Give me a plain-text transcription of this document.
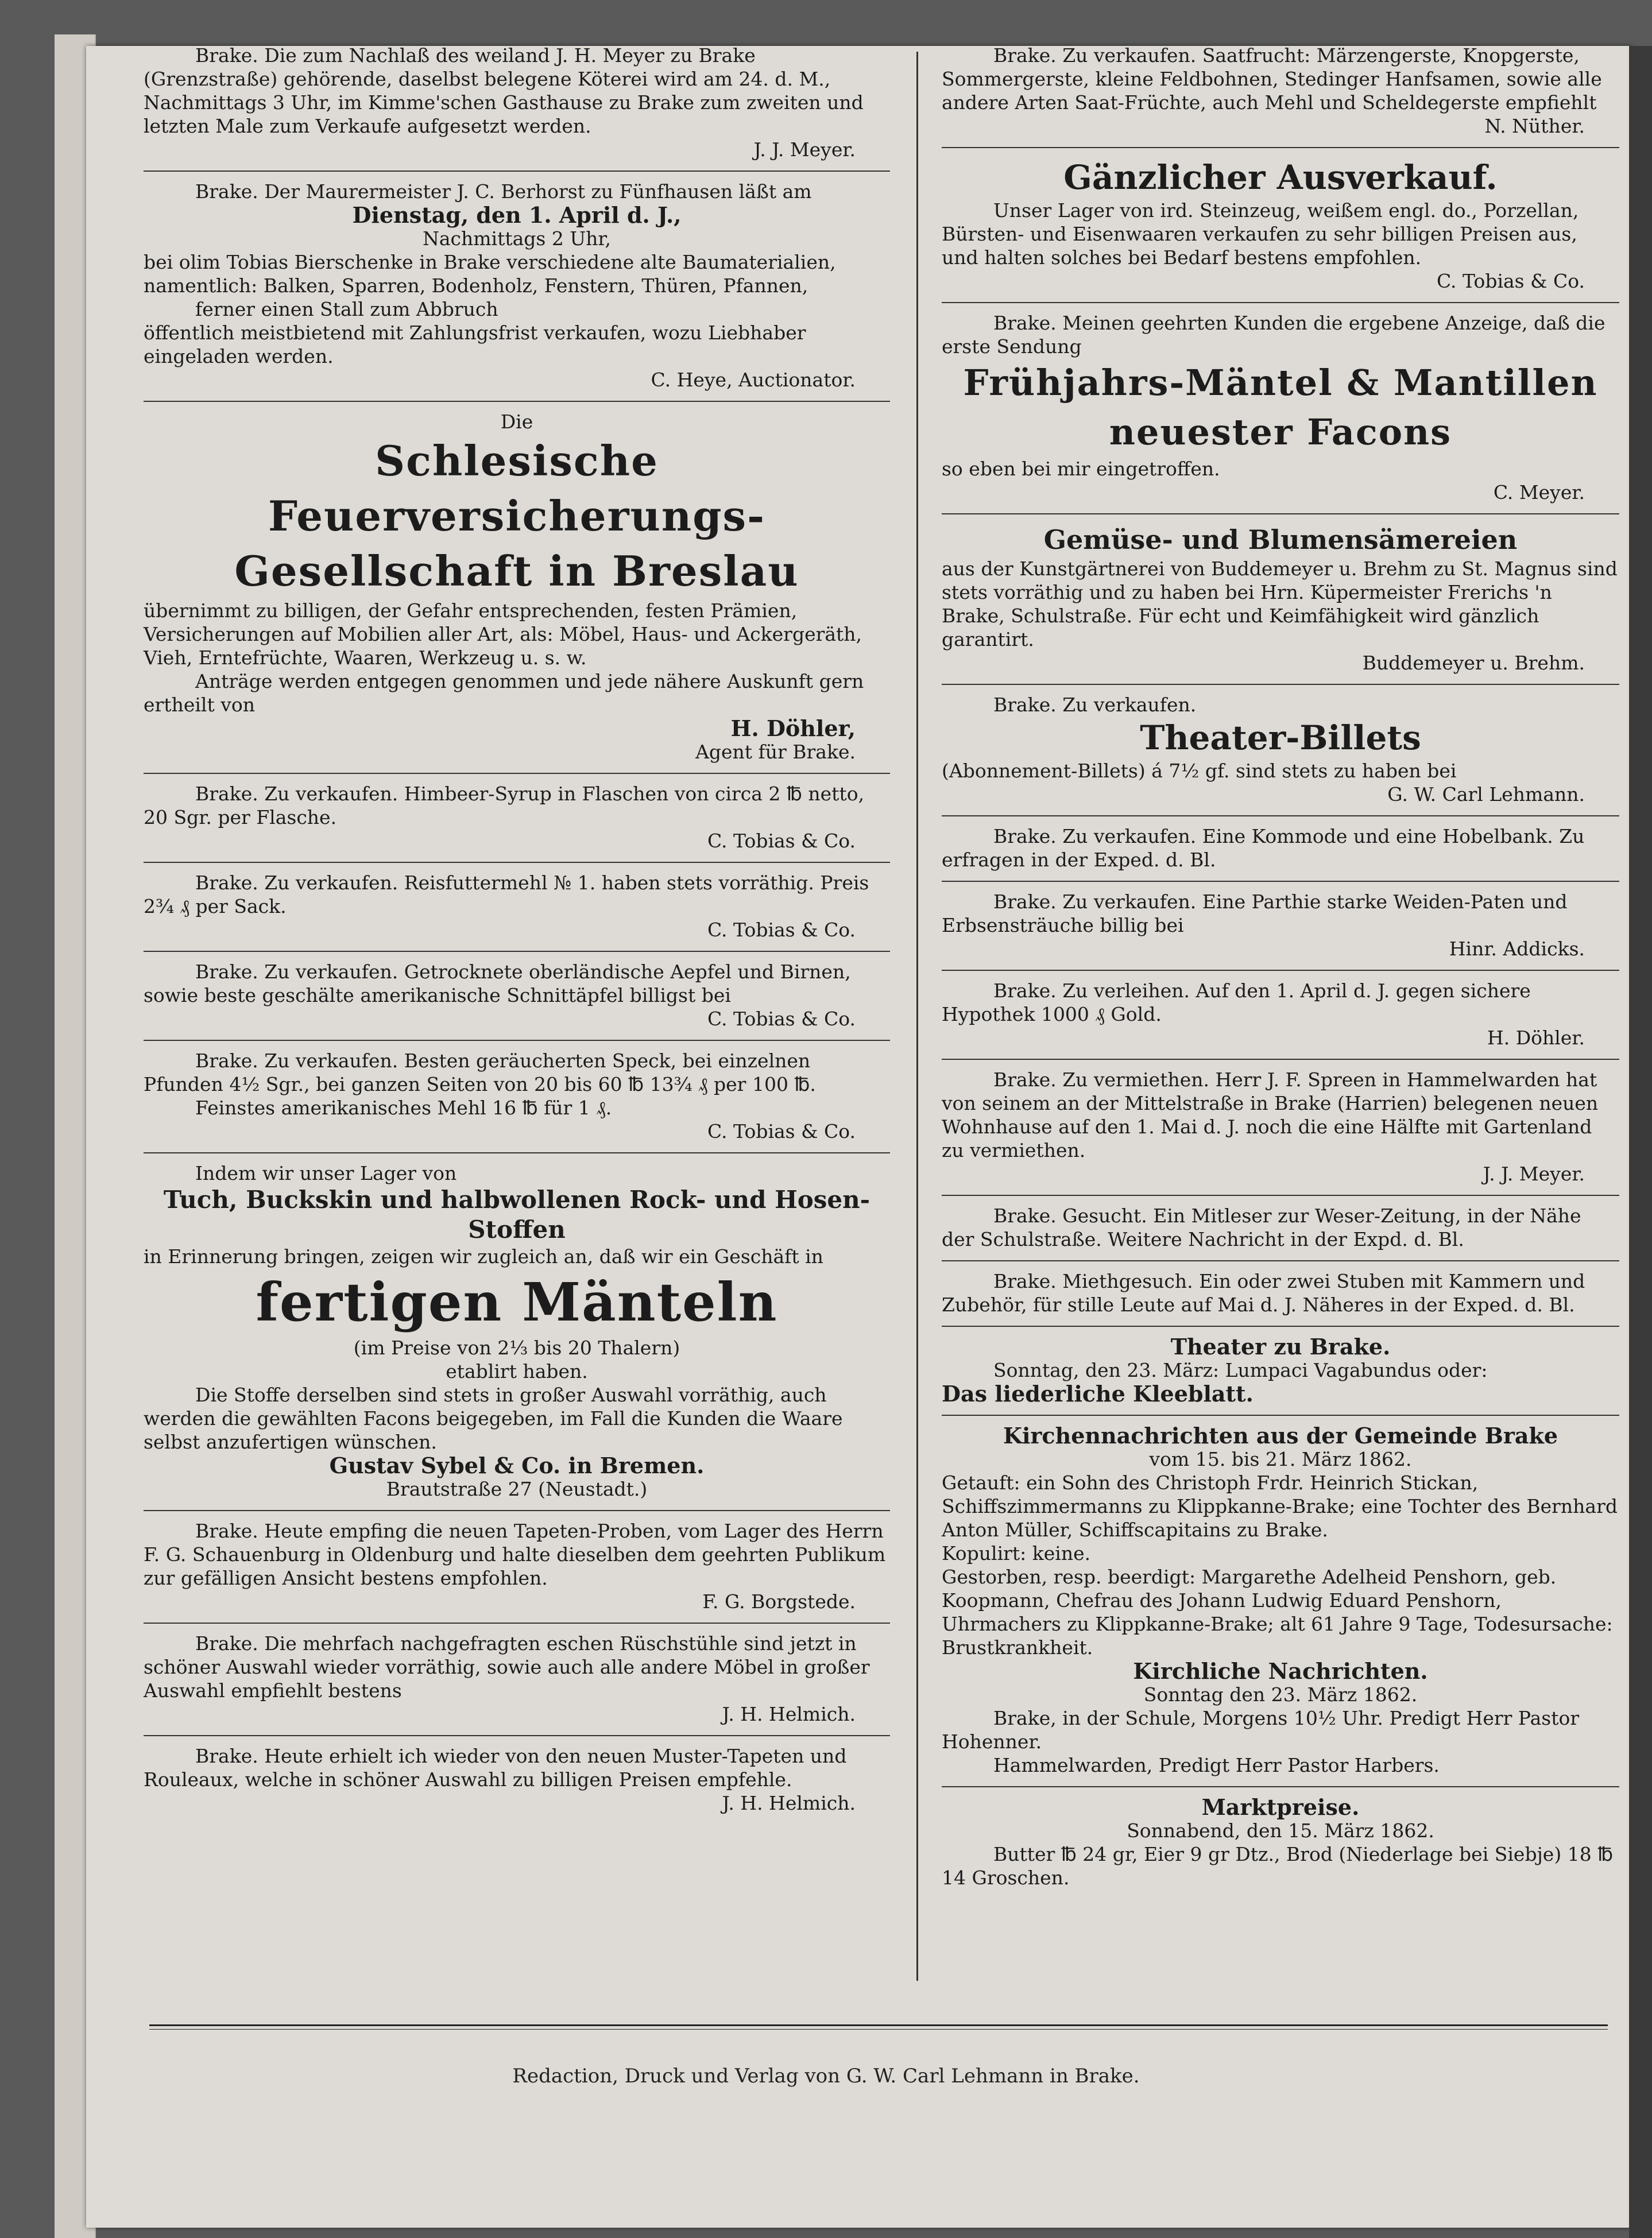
Brake. Die zum Nachlaß des weiland J. H. Meyer zu Brake (Grenzstraße) gehörende, daselbst belegene Köterei wird am 24. d. M., Nachmittags 3 Uhr, im Kimme'schen Gasthause zu Brake zum zweiten und letzten Male zum Verkaufe aufgesetzt werden.

J. J. Meyer.

Brake. Der Maurermeister J. C. Berhorst zu Fünfhausen läßt am

Dienstag, den 1. April d. J.,

Nachmittags 2 Uhr,

bei olim Tobias Bierschenke in Brake verschiedene alte Baumaterialien, namentlich: Balken, Sparren, Bodenholz, Fenstern, Thüren, Pfannen,

ferner einen Stall zum Abbruch

öffentlich meistbietend mit Zahlungsfrist verkaufen, wozu Liebhaber eingeladen werden.

C. Heye, Auctionator.

Die

Schlesische Feuerversicherungs-

Gesellschaft in Breslau

übernimmt zu billigen, der Gefahr entsprechenden, festen Prämien, Versicherungen auf Mobilien aller Art, als: Möbel, Haus- und Ackergeräth, Vieh, Erntefrüchte, Waaren, Werkzeug u. s. w.

Anträge werden entgegen genommen und jede nähere Auskunft gern ertheilt von

H. Döhler,

Agent für Brake.

Brake. Zu verkaufen. Himbeer-Syrup in Flaschen von circa 2 ℔ netto, 20 Sgr. per Flasche.

C. Tobias & Co.

Brake. Zu verkaufen. Reisfuttermehl № 1. haben stets vorräthig. Preis 2¾ ₰ per Sack.

C. Tobias & Co.

Brake. Zu verkaufen. Getrocknete oberländische Aepfel und Birnen, sowie beste geschälte amerikanische Schnittäpfel billigst bei

C. Tobias & Co.

Brake. Zu verkaufen. Besten geräucherten Speck, bei einzelnen Pfunden 4½ Sgr., bei ganzen Seiten von 20 bis 60 ℔ 13¾ ₰ per 100 ℔.

Feinstes amerikanisches Mehl 16 ℔ für 1 ₰.

C. Tobias & Co.

Indem wir unser Lager von

Tuch, Buckskin und halbwollenen Rock- und Hosen-Stoffen

in Erinnerung bringen, zeigen wir zugleich an, daß wir ein Geschäft in

fertigen Mänteln

(im Preise von 2⅓ bis 20 Thalern)

etablirt haben.

Die Stoffe derselben sind stets in großer Auswahl vorräthig, auch werden die gewählten Facons beigegeben, im Fall die Kunden die Waare selbst anzufertigen wünschen.

Gustav Sybel & Co. in Bremen.

Brautstraße 27 (Neustadt.)

Brake. Heute empfing die neuen Tapeten-Proben, vom Lager des Herrn F. G. Schauenburg in Oldenburg und halte dieselben dem geehrten Publikum zur gefälligen Ansicht bestens empfohlen.

F. G. Borgstede.

Brake. Die mehrfach nachgefragten eschen Rüschstühle sind jetzt in schöner Auswahl wieder vorräthig, sowie auch alle andere Möbel in großer Auswahl empfiehlt bestens

J. H. Helmich.

Brake. Heute erhielt ich wieder von den neuen Muster-Tapeten und Rouleaux, welche in schöner Auswahl zu billigen Preisen empfehle.

J. H. Helmich.

Brake. Zu verkaufen. Saatfrucht: Märzengerste, Knopgerste, Sommergerste, kleine Feldbohnen, Stedinger Hanfsamen, sowie alle andere Arten Saat-Früchte, auch Mehl und Scheldegerste empfiehlt

N. Nüther.

Gänzlicher Ausverkauf.

Unser Lager von ird. Steinzeug, weißem engl. do., Porzellan, Bürsten- und Eisenwaaren verkaufen zu sehr billigen Preisen aus, und halten solches bei Bedarf bestens empfohlen.

C. Tobias & Co.

Brake. Meinen geehrten Kunden die ergebene Anzeige, daß die erste Sendung

Frühjahrs-Mäntel & Mantillen

neuester Facons

so eben bei mir eingetroffen.

C. Meyer.

Gemüse- und Blumensämereien

aus der Kunstgärtnerei von Buddemeyer u. Brehm zu St. Magnus sind stets vorräthig und zu haben bei Hrn. Küpermeister Frerichs 'n Brake, Schulstraße. Für echt und Keimfähigkeit wird gänzlich garantirt.

Buddemeyer u. Brehm.

Brake. Zu verkaufen.

Theater-Billets

(Abonnement-Billets) á 7½ gf. sind stets zu haben bei

G. W. Carl Lehmann.

Brake. Zu verkaufen. Eine Kommode und eine Hobelbank. Zu erfragen in der Exped. d. Bl.

Brake. Zu verkaufen. Eine Parthie starke Weiden-Paten und Erbsensträuche billig bei

Hinr. Addicks.

Brake. Zu verleihen. Auf den 1. April d. J. gegen sichere Hypothek 1000 ₰ Gold.

H. Döhler.

Brake. Zu vermiethen. Herr J. F. Spreen in Hammelwarden hat von seinem an der Mittelstraße in Brake (Harrien) belegenen neuen Wohnhause auf den 1. Mai d. J. noch die eine Hälfte mit Gartenland zu vermiethen.

J. J. Meyer.

Brake. Gesucht. Ein Mitleser zur Weser-Zeitung, in der Nähe der Schulstraße. Weitere Nachricht in der Expd. d. Bl.

Brake. Miethgesuch. Ein oder zwei Stuben mit Kammern und Zubehör, für stille Leute auf Mai d. J. Näheres in der Exped. d. Bl.

Theater zu Brake.

Sonntag, den 23. März: Lumpaci Vagabundus oder:

Das liederliche Kleeblatt.

Kirchennachrichten aus der Gemeinde Brake

vom 15. bis 21. März 1862.

Getauft: ein Sohn des Christoph Frdr. Heinrich Stickan, Schiffszimmermanns zu Klippkanne-Brake; eine Tochter des Bernhard Anton Müller, Schiffscapitains zu Brake.

Kopulirt: keine.

Gestorben, resp. beerdigt: Margarethe Adelheid Penshorn, geb. Koopmann, Chefrau des Johann Ludwig Eduard Penshorn, Uhrmachers zu Klippkanne-Brake; alt 61 Jahre 9 Tage, Todesursache: Brustkrankheit.

Kirchliche Nachrichten.

Sonntag den 23. März 1862.

Brake, in der Schule, Morgens 10½ Uhr. Predigt Herr Pastor Hohenner.

Hammelwarden, Predigt Herr Pastor Harbers.

Marktpreise.

Sonnabend, den 15. März 1862.

Butter ℔ 24 gr, Eier 9 gr Dtz., Brod (Niederlage bei Siebje) 18 ℔ 14 Groschen.

Redaction, Druck und Verlag von G. W. Carl Lehmann in Brake.
